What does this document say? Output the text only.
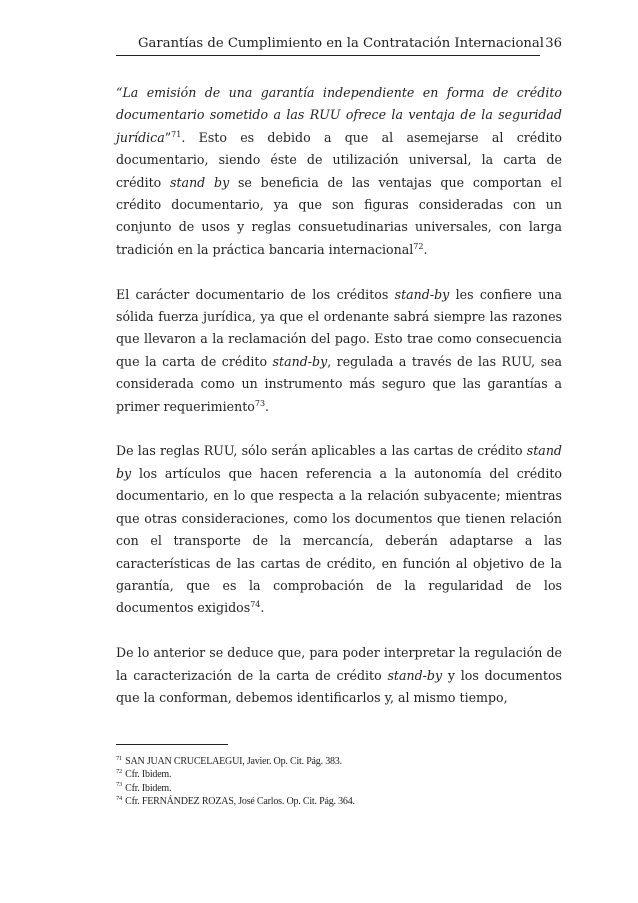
Garantías de Cumplimiento en la Contratación Internacional 36

“La emisión de una garantía independiente en forma de crédito documentario sometido a las RUU ofrece la ventaja de la seguridad jurídica”$^{71}$. Esto es debido a que al asemejarse al crédito documentario, siendo éste de utilización universal, la carta de crédito stand by se beneficia de las ventajas que comportan el crédito documentario, ya que son figuras consideradas con un conjunto de usos y reglas consuetudinarias universales, con larga tradición en la práctica bancaria internacional$^{72}$.

El carácter documentario de los créditos stand-by les confiere una sólida fuerza jurídica, ya que el ordenante sabrá siempre las razones que llevaron a la reclamación del pago. Esto trae como consecuencia que la carta de crédito stand-by, regulada a través de las RUU, sea considerada como un instrumento más seguro que las garantías a primer requerimiento$^{73}$.

De las reglas RUU, sólo serán aplicables a las cartas de crédito stand by los artículos que hacen referencia a la autonomía del crédito documentario, en lo que respecta a la relación subyacente; mientras que otras consideraciones, como los documentos que tienen relación con el transporte de la mercancía, deberán adaptarse a las características de las cartas de crédito, en función al objetivo de la garantía, que es la comprobación de la regularidad de los documentos exigidos$^{74}$.

De lo anterior se deduce que, para poder interpretar la regulación de la caracterización de la carta de crédito stand-by y los documentos que la conforman, debemos identificarlos y, al mismo tiempo,

$^{71}$ SAN JUAN CRUCELAEGUI, Javier. Op. Cit. Pág. 383.
$^{72}$ Cfr. Ibidem.
$^{73}$ Cfr. Ibidem.
$^{74}$ Cfr. FERNÁNDEZ ROZAS, José Carlos. Op. Cit. Pág. 364.
